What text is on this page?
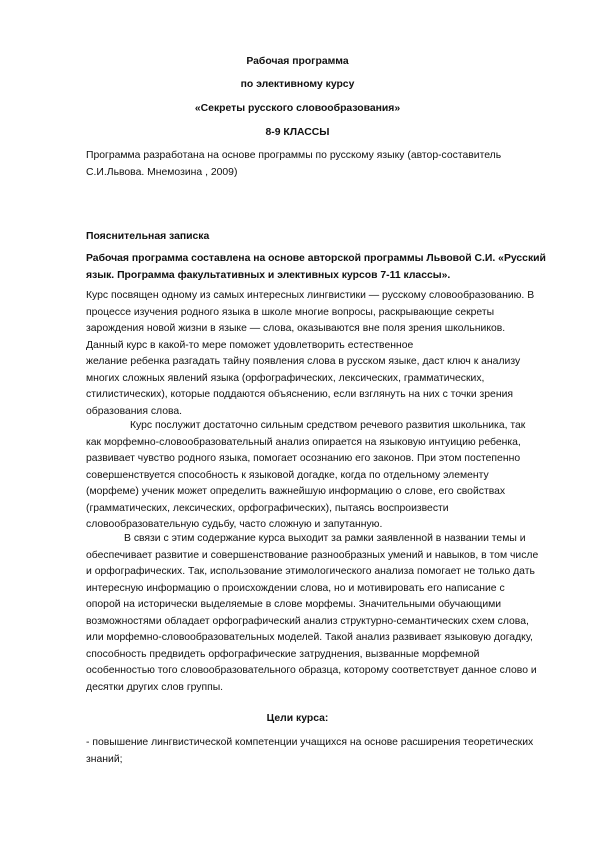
Рабочая программа
по элективному курсу
«Секреты русского словообразования»
8-9 КЛАССЫ
Программа разработана на основе программы по русскому языку (автор-составитель
С.И.Львова. Мнемозина , 2009)
Пояснительная записка
Рабочая программа составлена на основе авторской программы Львовой С.И. «Русский
язык. Программа факультативных и элективных курсов 7-11 классы».
Курс посвящен одному из самых интересных лингвистики — русскому словообразованию. В
процессе изучения родного языка в школе многие вопросы, раскрывающие секреты
зарождения новой жизни в языке — слова, оказываются вне поля зрения школьников.
Данный курс в какой-то мере поможет удовлетворить естественное
желание ребенка разгадать тайну появления слова в русском языке, даст ключ к анализу
многих сложных явлений языка (орфографических, лексических, грамматических,
стилистических), которые поддаются объяснению, если взглянуть на них с точки зрения
образования слова.
Курс послужит достаточно сильным средством речевого развития школьника, так
как морфемно-словообразовательный анализ опирается на языковую интуицию ребенка,
развивает чувство родного языка, помогает осознанию его законов. При этом постепенно
совершенствуется способность к языковой догадке, когда по отдельному элементу
(морфеме) ученик может определить важнейшую информацию о слове, его свойствах
(грамматических, лексических, орфографических), пытаясь воспроизвести
словообразовательную судьбу, часто сложную и запутанную.
В связи с этим содержание курса выходит за рамки заявленной в названии темы и
обеспечивает развитие и совершенствование разнообразных умений и навыков, в том числе
и орфографических. Так, использование этимологического анализа помогает не только дать
интересную информацию о происхождении слова, но и мотивировать его написание с
опорой на исторически выделяемые в слове морфемы. Значительными обучающими
возможностями обладает орфографический анализ структурно-семантических схем слова,
или морфемно-словообразовательных моделей. Такой анализ развивает языковую догадку,
способность предвидеть орфографические затруднения, вызванные морфемной
особенностью того словообразовательного образца, которому соответствует данное слово и
десятки других слов группы.
Цели курса:
- повышение лингвистической компетенции учащихся на основе расширения теоретических
знаний;
